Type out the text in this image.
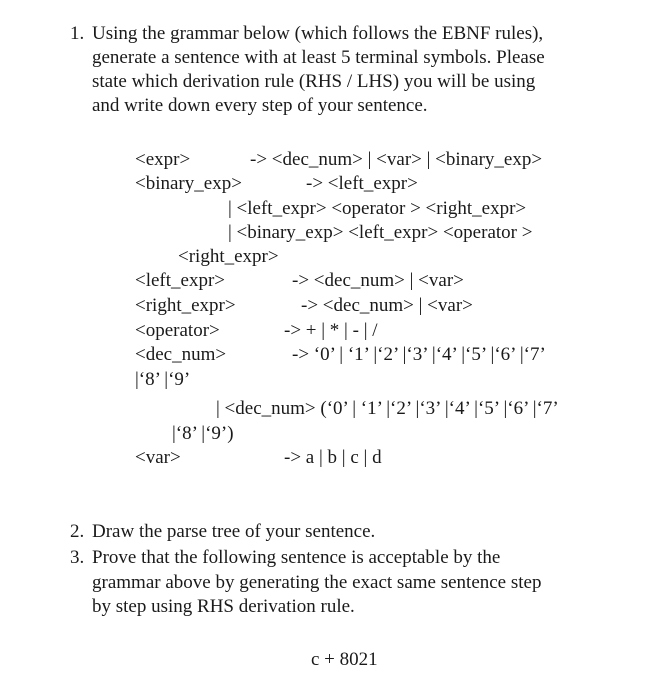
1. Using the grammar below (which follows the EBNF rules),
generate a sentence with at least 5 terminal symbols. Please
state which derivation rule (RHS / LHS) you will be using
and write down every step of your sentence.
<expr>	-> <dec_num> | <var> | <binary_exp>
<binary_exp>	-> <left_expr>
| <left_expr> <operator > <right_expr>
| <binary_exp> <left_expr> <operator >
<right_expr>
<left_expr>	-> <dec_num> | <var>
<right_expr>	-> <dec_num> | <var>
<operator>	-> + | * | - | /
<dec_num>	-> ‘0’ | ‘1’ |‘2’ |‘3’ |‘4’ |‘5’ |‘6’ |‘7’
|‘8’ |‘9’
| <dec_num> (‘0’ | ‘1’ |‘2’ |‘3’ |‘4’ |‘5’ |‘6’ |‘7’
|‘8’ |‘9’)
<var>	-> a | b | c | d
2. Draw the parse tree of your sentence.
3. Prove that the following sentence is acceptable by the
grammar above by generating the exact same sentence step
by step using RHS derivation rule.
c + 8021
